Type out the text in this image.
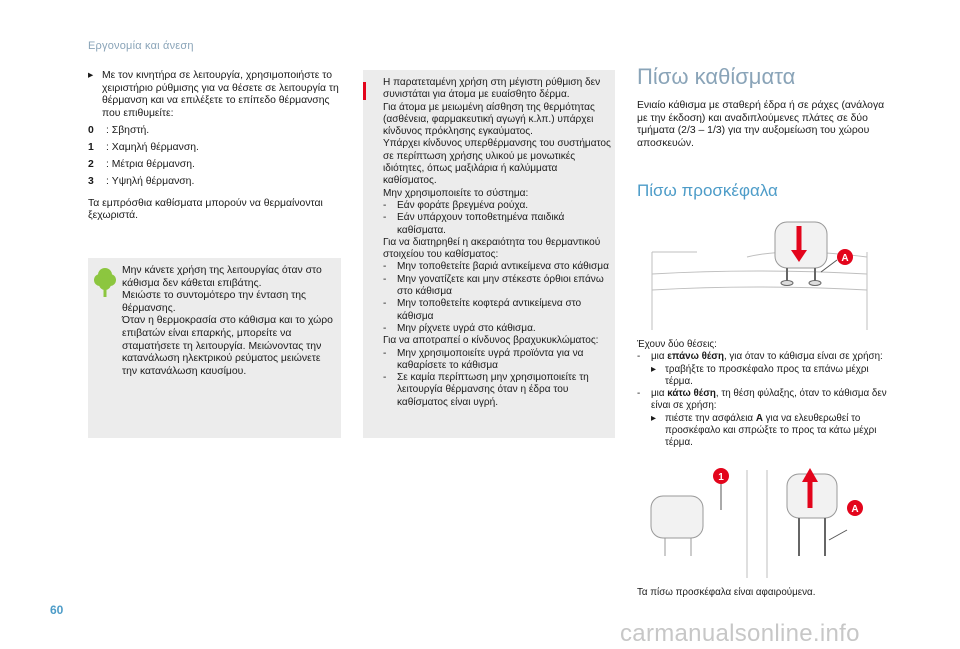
Εργονομία και άνεση
▸ Με τον κινητήρα σε λειτουργία, χρησιμοποιήστε το χειριστήριο ρύθμισης για να θέσετε σε λειτουργία τη θέρμανση και να επιλέξετε το επίπεδο θέρμανσης που επιθυμείτε:

0	: Σβηστή.
1	: Χαμηλή θέρμανση.
2	: Μέτρια θέρμανση.
3	: Υψηλή θέρμανση.

Τα εμπρόσθια καθίσματα μπορούν να θερμαίνονται ξεχωριστά.

Μην κάνετε χρήση της λειτουργίας όταν στο κάθισμα δεν κάθεται επιβάτης.
Μειώστε το συντομότερο την ένταση της θέρμανσης.
Όταν η θερμοκρασία στο κάθισμα και το χώρο επιβατών είναι επαρκής, μπορείτε να σταματήσετε τη λειτουργία. Μειώνοντας την κατανάλωση ηλεκτρικού ρεύματος μειώνετε την κατανάλωση καυσίμου.
Η παρατεταμένη χρήση στη μέγιστη ρύθμιση δεν συνιστάται για άτομα με ευαίσθητο δέρμα.
Για άτομα με μειωμένη αίσθηση της θερμότητας (ασθένεια, φαρμακευτική αγωγή κ.λπ.) υπάρχει κίνδυνος πρόκλησης εγκαύματος.
Υπάρχει κίνδυνος υπερθέρμανσης του συστήματος σε περίπτωση χρήσης υλικού με μονωτικές ιδιότητες, όπως μαξιλάρια ή καλύμματα καθίσματος.
Μην χρησιμοποιείτε το σύστημα:
-	Εάν φοράτε βρεγμένα ρούχα.
-	Εάν υπάρχουν τοποθετημένα παιδικά καθίσματα.
Για να διατηρηθεί η ακεραιότητα του θερμαντικού στοιχείου του καθίσματος:
-	Μην τοποθετείτε βαριά αντικείμενα στο κάθισμα
-	Μην γονατίζετε και μην στέκεστε όρθιοι επάνω στο κάθισμα
-	Μην τοποθετείτε κοφτερά αντικείμενα στο κάθισμα
-	Μην ρίχνετε υγρά στο κάθισμα.
Για να αποτραπεί ο κίνδυνος βραχυκυκλώματος:
-	Μην χρησιμοποιείτε υγρά προϊόντα για να καθαρίσετε το κάθισμα
-	Σε καμία περίπτωση μην χρησιμοποιείτε τη λειτουργία θέρμανσης όταν η έδρα του καθίσματος είναι υγρή.
Πίσω καθίσματα
Ενιαίο κάθισμα με σταθερή έδρα ή σε ράχες (ανάλογα με την έκδοση) και αναδιπλούμενες πλάτες σε δύο τμήματα (2/3 – 1/3) για την αυξομείωση του χώρου αποσκευών.
Πίσω προσκέφαλα
A
Έχουν δύο θέσεις:
-	μια επάνω θέση, για όταν το κάθισμα είναι σε χρήση:
▸ τραβήξτε το προσκέφαλο προς τα επάνω μέχρι τέρμα.
-	μια κάτω θέση, τη θέση φύλαξης, όταν το κάθισμα δεν είναι σε χρήση:
▸ πιέστε την ασφάλεια A για να ελευθερωθεί το προσκέφαλο και σπρώξτε το προς τα κάτω μέχρι τέρμα.
1
A
Τα πίσω προσκέφαλα είναι αφαιρούμενα.
60
carmanualsonline.info
